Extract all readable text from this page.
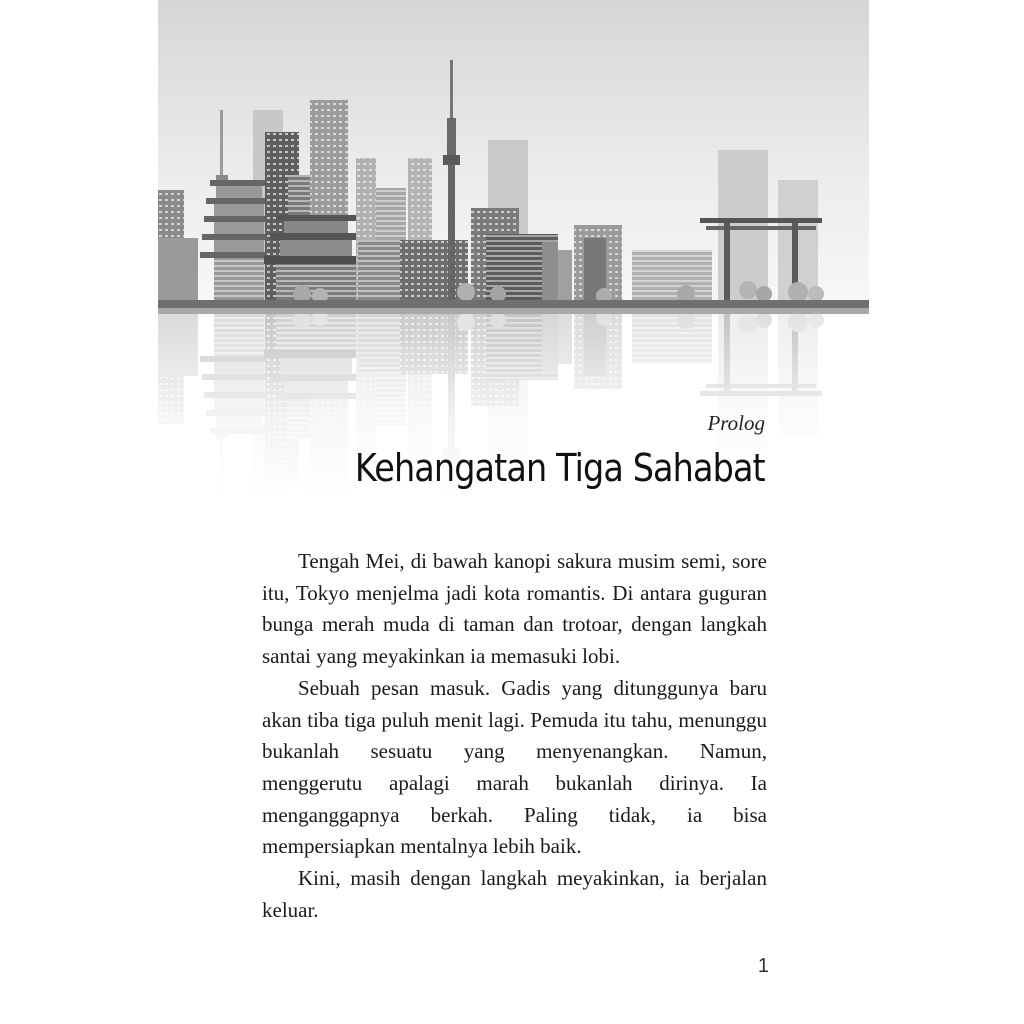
Prolog

Kehangatan Tiga Sahabat

Tengah Mei, di bawah kanopi sakura musim semi, sore itu, Tokyo menjelma jadi kota romantis. Di antara guguran bunga merah muda di taman dan trotoar, dengan langkah santai yang meyakinkan ia memasuki lobi.

Sebuah pesan masuk. Gadis yang ditunggunya baru akan tiba tiga puluh menit lagi. Pemuda itu tahu, menunggu bukanlah sesuatu yang menyenangkan. Namun, menggerutu apalagi marah bukanlah dirinya. Ia menganggapnya berkah. Paling tidak, ia bisa mempersiapkan mentalnya lebih baik.

Kini, masih dengan langkah meyakinkan, ia berjalan keluar.

1
